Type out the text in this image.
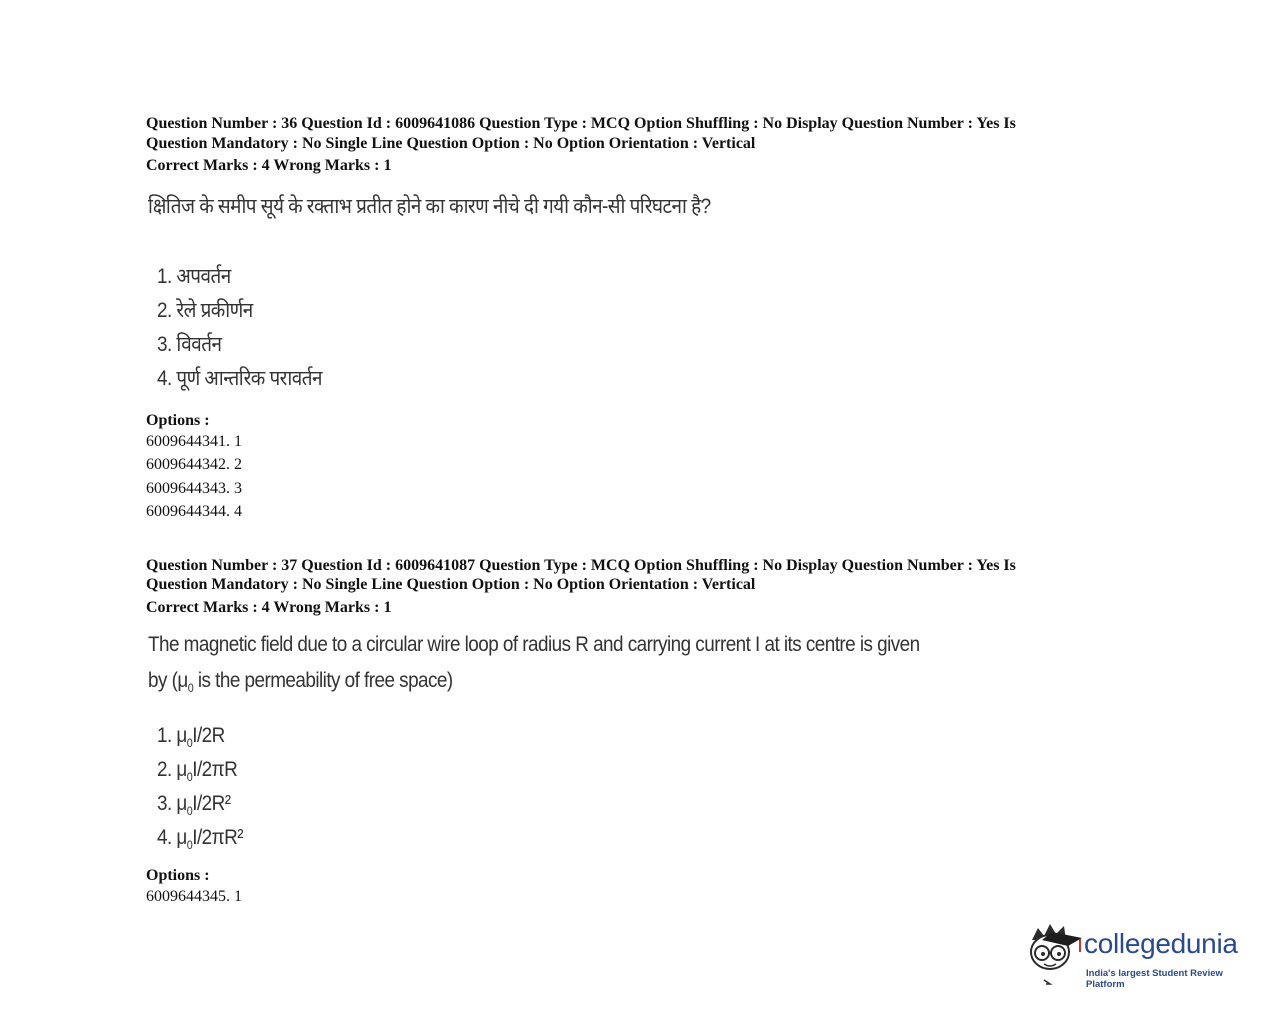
Question Number : 36 Question Id : 6009641086 Question Type : MCQ Option Shuffling : No Display Question Number : Yes Is

Question Mandatory : No Single Line Question Option : No Option Orientation : Vertical

Correct Marks : 4 Wrong Marks : 1

क्षितिज के समीप सूर्य के रक्ताभ प्रतीत होने का कारण नीचे दी गयी कौन-सी परिघटना है?
1. अपवर्तन
2. रेले प्रकीर्णन
3. विवर्तन
4. पूर्ण आन्तरिक परावर्तन

Options :

6009644341. 1

6009644342. 2

6009644343. 3

6009644344. 4

Question Number : 37 Question Id : 6009641087 Question Type : MCQ Option Shuffling : No Display Question Number : Yes Is

Question Mandatory : No Single Line Question Option : No Option Orientation : Vertical

Correct Marks : 4 Wrong Marks : 1

The magnetic field due to a circular wire loop of radius R and carrying current I at its centre is given
by ($\mu_0$ is the permeability of free space)
1. $\mu_0I/2R$
2. $\mu_0I/2\pi R$
3. $\mu_0I/2R^2$
4. $\mu_0I/2\pi R^2$

Options :

6009644345. 1

collegedunia
India's largest Student Review Platform
